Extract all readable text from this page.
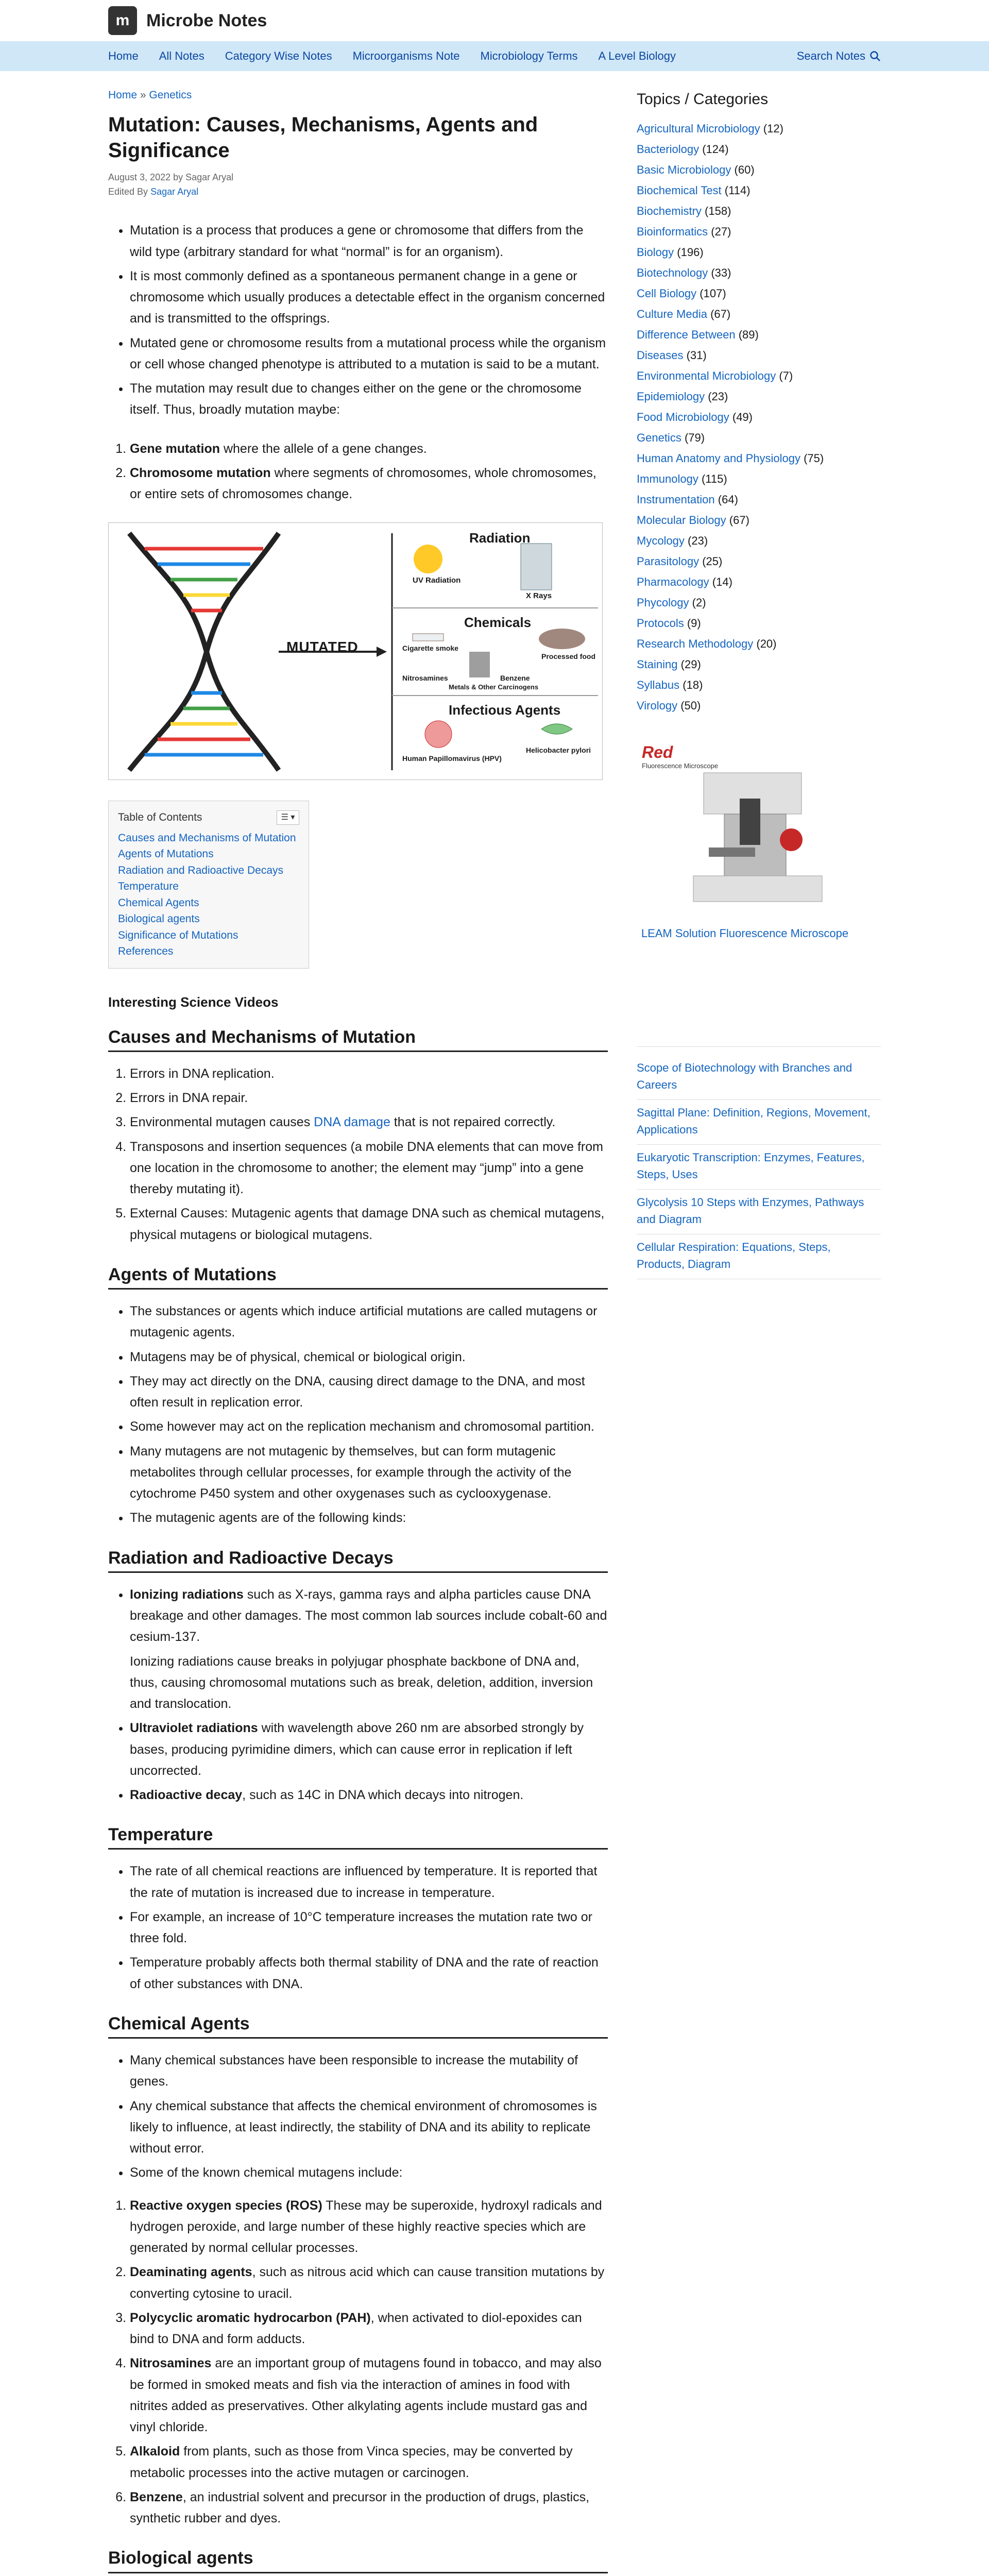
m Microbe Notes
Home All Notes Category Wise Notes Microorganisms Note Microbiology Terms A Level Biology	Search Notes
Home » Genetics
Mutation: Causes, Mechanisms, Agents and Significance
August 3, 2022 by Sagar Aryal
Edited By Sagar Aryal
• Mutation is a process that produces a gene or chromosome that differs from the wild type (arbitrary standard for what “normal” is for an organism).
• It is most commonly defined as a spontaneous permanent change in a gene or chromosome which usually produces a detectable effect in the organism concerned and is transmitted to the offsprings.
• Mutated gene or chromosome results from a mutational process while the organism or cell whose changed phenotype is attributed to a mutation is said to be a mutant.
• The mutation may result due to changes either on the gene or the chromosome itself. Thus, broadly mutation maybe:
1. Gene mutation where the allele of a gene changes.
2. Chromosome mutation where segments of chromosomes, whole chromosomes, or entire sets of chromosomes change.
MUTATED
Radiation
UV Radiation
X Rays
Chemicals
Cigarette smoke
Processed food
Nitrosamines	Benzene
Metals & Other Carcinogens
Infectious Agents
Human Papillomavirus (HPV)
Helicobacter pylori
Table of Contents	☰ ▾
Causes and Mechanisms of Mutation
Agents of Mutations
Radiation and Radioactive Decays
Temperature
Chemical Agents
Biological agents
Significance of Mutations
References
Interesting Science Videos
Causes and Mechanisms of Mutation
1. Errors in DNA replication.
2. Errors in DNA repair.
3. Environmental mutagen causes DNA damage that is not repaired correctly.
4. Transposons and insertion sequences (a mobile DNA elements that can move from one location in the chromosome to another; the element may “jump” into a gene thereby mutating it).
5. External Causes: Mutagenic agents that damage DNA such as chemical mutagens, physical mutagens or biological mutagens.
Agents of Mutations
• The substances or agents which induce artificial mutations are called mutagens or mutagenic agents.
• Mutagens may be of physical, chemical or biological origin.
• They may act directly on the DNA, causing direct damage to the DNA, and most often result in replication error.
• Some however may act on the replication mechanism and chromosomal partition.
• Many mutagens are not mutagenic by themselves, but can form mutagenic metabolites through cellular processes, for example through the activity of the cytochrome P450 system and other oxygenases such as cyclooxygenase.
• The mutagenic agents are of the following kinds:
Radiation and Radioactive Decays
• Ionizing radiations such as X-rays, gamma rays and alpha particles cause DNA breakage and other damages. The most common lab sources include cobalt-60 and cesium-137.
Ionizing radiations cause breaks in polyjugar phosphate backbone of DNA and, thus, causing chromosomal mutations such as break, deletion, addition, inversion and translocation.
• Ultraviolet radiations with wavelength above 260 nm are absorbed strongly by bases, producing pyrimidine dimers, which can cause error in replication if left uncorrected.
• Radioactive decay, such as 14C in DNA which decays into nitrogen.
Temperature
• The rate of all chemical reactions are influenced by temperature. It is reported that the rate of mutation is increased due to increase in temperature.
• For example, an increase of 10°C temperature increases the mutation rate two or three fold.
• Temperature probably affects both thermal stability of DNA and the rate of reaction of other substances with DNA.
Chemical Agents
• Many chemical substances have been responsible to increase the mutability of genes.
• Any chemical substance that affects the chemical environment of chromosomes is likely to influence, at least indirectly, the stability of DNA and its ability to replicate without error.
• Some of the known chemical mutagens include:
1. Reactive oxygen species (ROS) These may be superoxide, hydroxyl radicals and hydrogen peroxide, and large number of these highly reactive species which are generated by normal cellular processes.
2. Deaminating agents, such as nitrous acid which can cause transition mutations by converting cytosine to uracil.
3. Polycyclic aromatic hydrocarbon (PAH), when activated to diol-epoxides can bind to DNA and form adducts.
4. Nitrosamines are an important group of mutagens found in tobacco, and may also be formed in smoked meats and fish via the interaction of amines in food with nitrites added as preservatives. Other alkylating agents include mustard gas and vinyl chloride.
5. Alkaloid from plants, such as those from Vinca species, may be converted by metabolic processes into the active mutagen or carcinogen.
6. Benzene, an industrial solvent and precursor in the production of drugs, plastics, synthetic rubber and dyes.
Biological agents
Topics / Categories
Agricultural Microbiology (12)
Bacteriology (124)
Basic Microbiology (60)
Biochemical Test (114)
Biochemistry (158)
Bioinformatics (27)
Biology (196)
Biotechnology (33)
Cell Biology (107)
Culture Media (67)
Difference Between (89)
Diseases (31)
Environmental Microbiology (7)
Epidemiology (23)
Food Microbiology (49)
Genetics (79)
Human Anatomy and Physiology (75)
Immunology (115)
Instrumentation (64)
Molecular Biology (67)
Mycology (23)
Parasitology (25)
Pharmacology (14)
Phycology (2)
Protocols (9)
Research Methodology (20)
Staining (29)
Syllabus (18)
Virology (50)
Red
Fluorescence Microscope
LEAM Solution Fluorescence Microscope
Scope of Biotechnology with Branches and Careers
Sagittal Plane: Definition, Regions, Movement, Applications
Eukaryotic Transcription: Enzymes, Features, Steps, Uses
Glycolysis 10 Steps with Enzymes, Pathways and Diagram
Cellular Respiration: Equations, Steps, Products, Diagram
